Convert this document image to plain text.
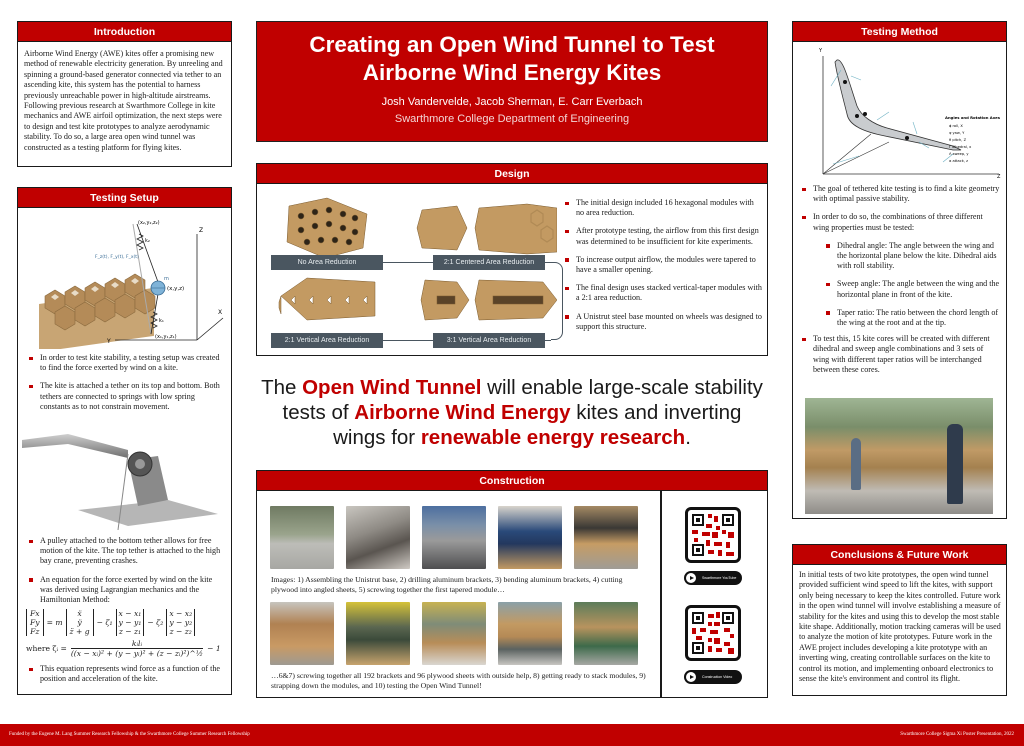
Creating an Open Wind Tunnel to Test
Airborne Wind Energy Kites
Josh Vandervelde, Jacob Sherman, E. Carr Everbach
Swarthmore College Department of Engineering
Introduction
Airborne Wind Energy (AWE) kites offer a promising new method of renewable electricity generation. By unreeling and spinning a ground-based generator connected via tether to an ascending kite, this system has the potential to harness previously unreachable power in high-altitude airstreams. Following previous research at Swarthmore College in kite mechanics and AWE airfoil optimization, the next steps were to design and test kite prototypes to analyze aerodynamic stability. To do so, a large area open wind tunnel was constructed as a testing platform for flying kites.
Testing Setup
(x₂,y₂,z₂)
(x₁,y₁,z₁)
(x,y,z)
m
k₂
k₁
F_z(t), F_y(t), F_x(t)
Z
X
Y
In order to test kite stability, a testing setup was created to find the force exerted by wind on a kite.
The kite is attached a tether on its top and bottom. Both tethers are connected to springs with low spring constants as to not constrain movement.
A pulley attached to the bottom tether allows for free motion of the kite. The top tether is attached to the high bay crane, preventing crashes.
An equation for the force exerted by wind on the kite was derived using Lagrangian mechanics and the Hamiltonian Method:
Fx
Fy
Fz
= m
ẍ
ÿ
z̈ + g
− ζ₁
x − x₁
y − y₁
z − z₁
− ζ₂
x − x₂
y − y₂
z − z₂
where ζᵢ =
kᵢlᵢ
((x − xᵢ)² + (y − yᵢ)² + (z − zᵢ)²)^½
− 1
This equation represents wind force as a function of the position and acceleration of the kite.
Design
No Area Reduction	2:1 Centered Area Reduction
2:1 Vertical Area Reduction	3:1 Vertical Area Reduction
The initial design included 16 hexagonal modules with no area reduction.
After prototype testing, the airflow from this first design was determined to be insufficient for kite experiments.
To increase output airflow, the modules were tapered to have a smaller opening.
The final design uses stacked vertical-taper modules with a 2:1 area reduction.
A Unistrut steel base mounted on wheels was designed to support this structure.
The Open Wind Tunnel will enable large-scale stability tests of Airborne Wind Energy kites and inverting wings for renewable energy research.
Construction
Images: 1) Assembling the Unistrut base, 2) drilling aluminum brackets, 3) bending aluminum brackets, 4) cutting plywood into angled sheets, 5) screwing together the first tapered module…
…6&7) screwing together all 192 brackets and 96 plywood sheets with outside help, 8) getting ready to stack modules, 9) strapping down the modules, and 10) testing the Open Wind Tunnel!
Swarthmore YouTube
Construction Video
Testing Method
Y
Z
Angles and Rotation Axes
ϕ roll, X
ψ yaw, Y
θ pitch, Z
Γ dihedral, x
Λ sweep, y
α attack, z
The goal of tethered kite testing is to find a kite geometry with optimal passive stability.
In order to do so, the combinations of three different wing properties must be tested:
Dihedral angle: The angle between the wing and the horizontal plane below the kite. Dihedral aids with roll stability.
Sweep angle: The angle between the wing and the horizontal plane in front of the kite.
Taper ratio: The ratio between the chord length of the wing at the root and at the tip.
To test this, 15 kite cores will be created with different dihedral and sweep angle combinations and 3 sets of wing with different taper ratios will be interchanged between these cores.
Conclusions & Future Work
In initial tests of two kite prototypes, the open wind tunnel provided sufficient wind speed to lift the kites, with support only being necessary to keep the kites controlled. Future work in the open wind tunnel will involve establishing a measure of stability for the kites and using this to develop the most stable kite shape. Additionally, motion tracking cameras will be used to analyze the motion of kite prototypes. Future work in the AWE project includes developing a kite prototype with an inverting wing, creating controllable surfaces on the kite to control its motion, and implementing onboard electronics to sense the kite's environment and control its flight.
Funded by the Eugene M. Lang Summer Research Fellowship & the Swarthmore College Summer Research Fellowship	Swarthmore College Sigma Xi Poster Presentation, 2022
